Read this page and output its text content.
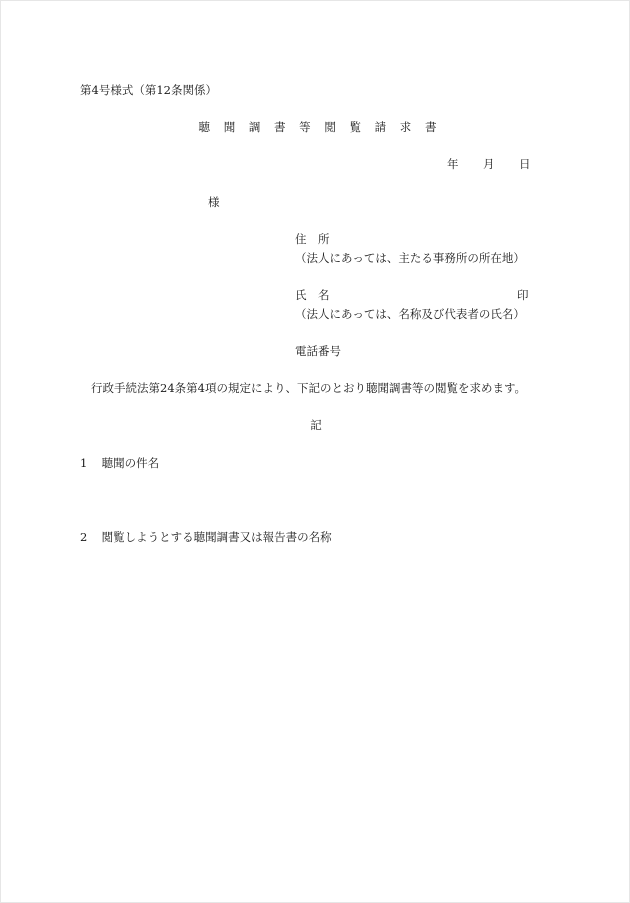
第4号様式（第12条関係）
聴 聞 調 書 等 閲 覧 請 求 書
年 月 日
様
住　所
（法人にあっては、主たる事務所の所在地）
氏　名	印
（法人にあっては、名称及び代表者の氏名）
電話番号
行政手続法第24条第4項の規定により、下記のとおり聴聞調書等の閲覧を求めます。
記
1 聴聞の件名
2 閲覧しようとする聴聞調書又は報告書の名称
